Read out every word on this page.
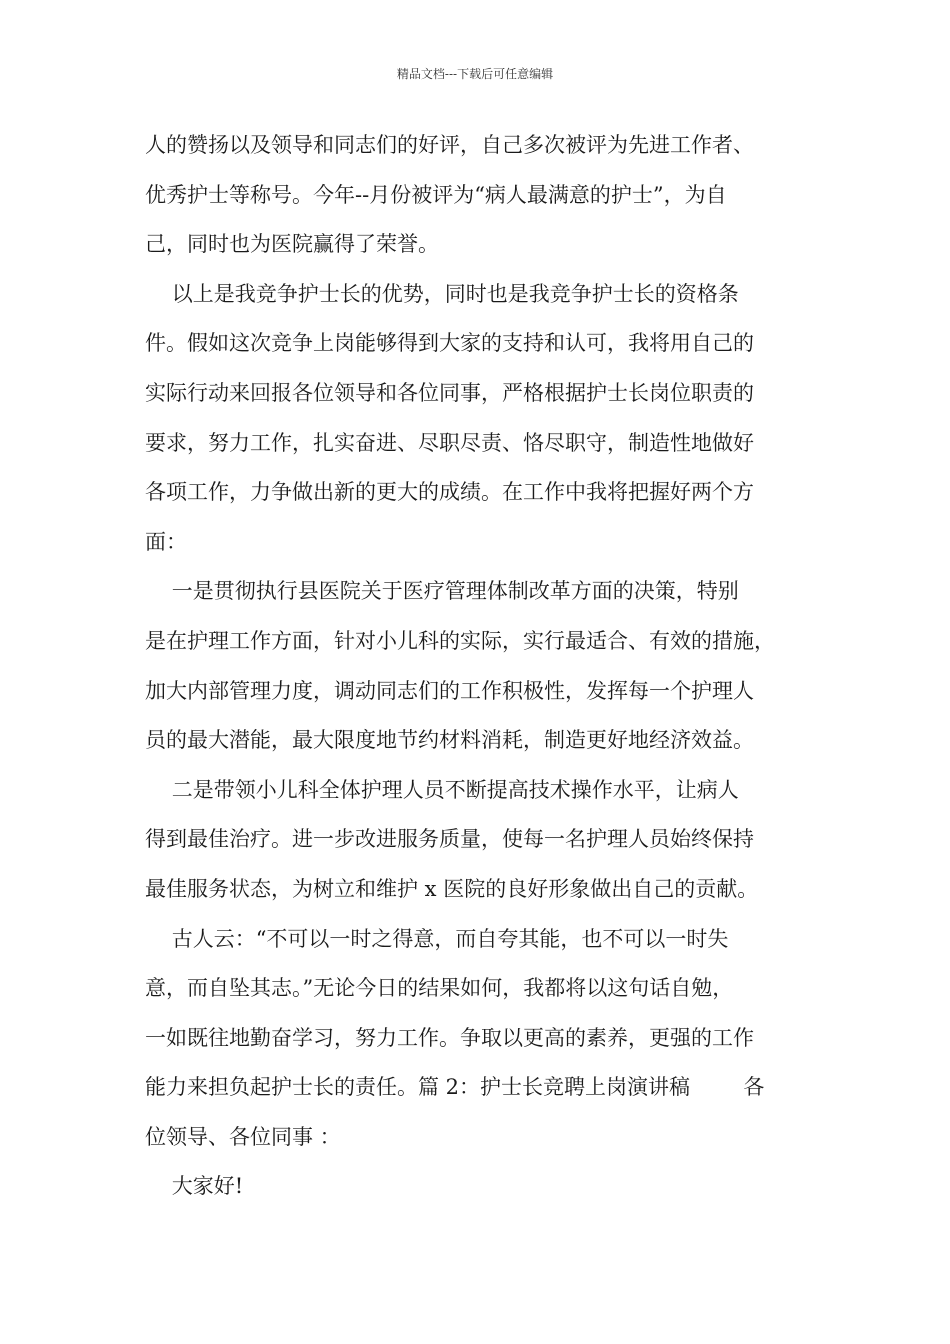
精品文档---下载后可任意编辑
人的赞扬以及领导和同志们的好评，自己多次被评为先进工作者、
优秀护士等称号。今年--月份被评为“病人最满意的护士”，为自
己，同时也为医院赢得了荣誉。
以上是我竞争护士长的优势，同时也是我竞争护士长的资格条
件。假如这次竞争上岗能够得到大家的支持和认可，我将用自己的
实际行动来回报各位领导和各位同事，严格根据护士长岗位职责的
要求，努力工作，扎实奋进、尽职尽责、恪尽职守，制造性地做好
各项工作，力争做出新的更大的成绩。在工作中我将把握好两个方
面：
一是贯彻执行县医院关于医疗管理体制改革方面的决策，特别
是在护理工作方面，针对小儿科的实际，实行最适合、有效的措施，
加大内部管理力度，调动同志们的工作积极性，发挥每一个护理人
员的最大潜能，最大限度地节约材料消耗，制造更好地经济效益。
二是带领小儿科全体护理人员不断提高技术操作水平，让病人
得到最佳治疗。进一步改进服务质量，使每一名护理人员始终保持
最佳服务状态，为树立和维护 x 医院的良好形象做出自己的贡献。
古人云：“不可以一时之得意，而自夸其能，也不可以一时失
意，而自坠其志。”无论今日的结果如何，我都将以这句话自勉，
一如既往地勤奋学习，努力工作。争取以更高的素养，更强的工作
能力来担负起护士长的责任。篇 2：护士长竞聘上岗演讲稿        各
位领导、各位同事 ：
大家好!
